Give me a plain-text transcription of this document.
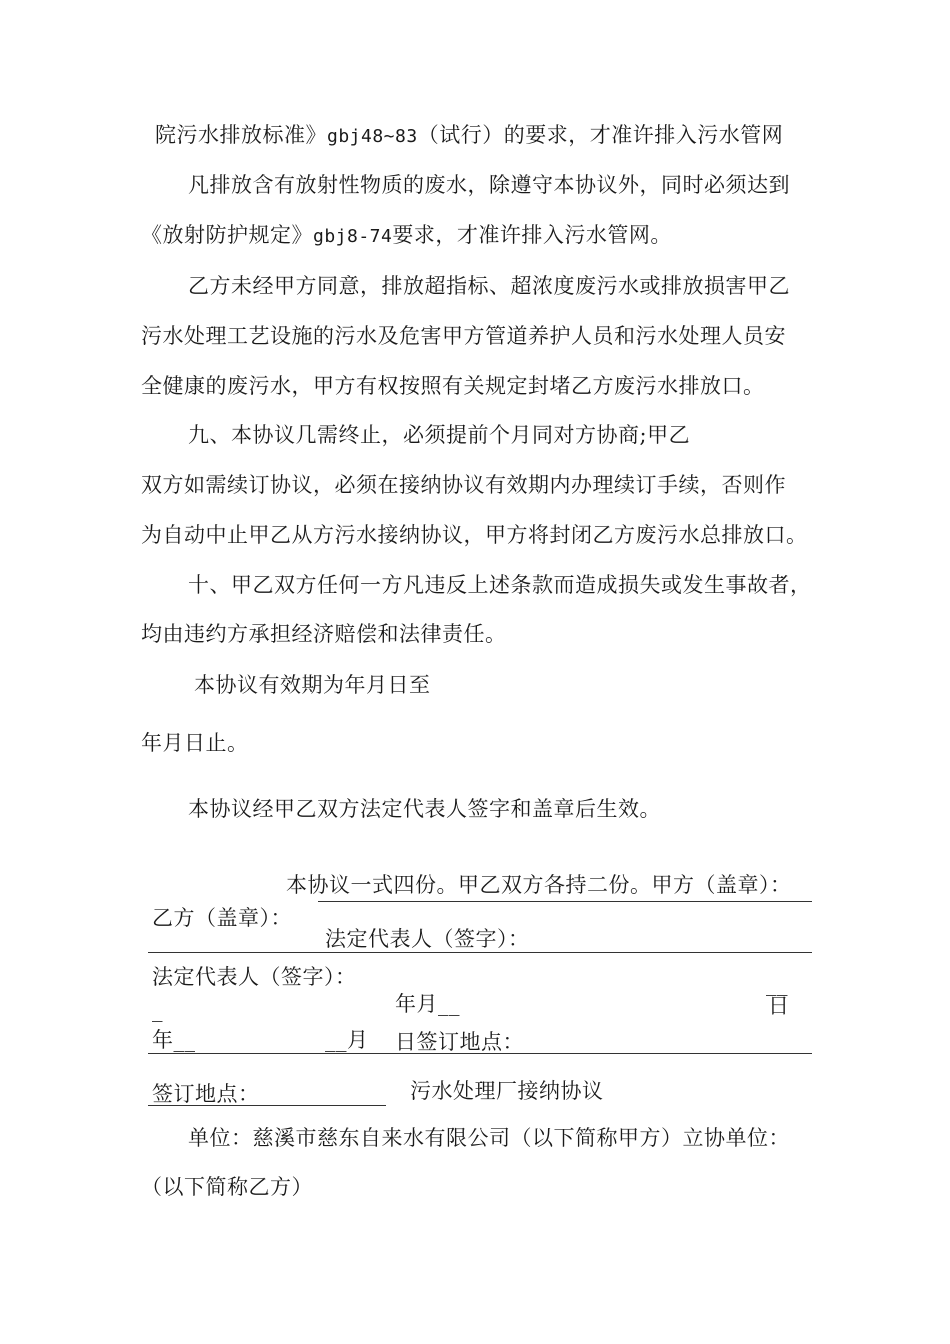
院污水排放标准》gbj48~83（试行）的要求，才准许排入污水管网
凡排放含有放射性物质的废水，除遵守本协议外，同时必须达到
《放射防护规定》gbj8-74要求，才准许排入污水管网。
乙方未经甲方同意，排放超指标、超浓度废污水或排放损害甲乙
污水处理工艺设施的污水及危害甲方管道养护人员和污水处理人员安
全健康的废污水，甲方有权按照有关规定封堵乙方废污水排放口。
九、本协议几需终止，必须提前个月同对方协商;甲乙
双方如需续订协议，必须在接纳协议有效期内办理续订手续，否则作
为自动中止甲乙从方污水接纳协议，甲方将封闭乙方废污水总排放口。
十、甲乙双方任何一方凡违反上述条款而造成损失或发生事故者，
均由违约方承担经济赔偿和法律责任。
本协议有效期为年月日至
年月日止。
本协议经甲乙双方法定代表人签字和盖章后生效。
本协议一式四份。甲乙双方各持二份。甲方（盖章）：
乙方（盖章）：
法定代表人（签字）：
法定代表人（签字）：
_	年月__
__
日
年__	__月 日签订地点：
签订地点：	污水处理厂接纳协议
单位：慈溪市慈东自来水有限公司（以下简称甲方）立协单位：
（以下简称乙方）
